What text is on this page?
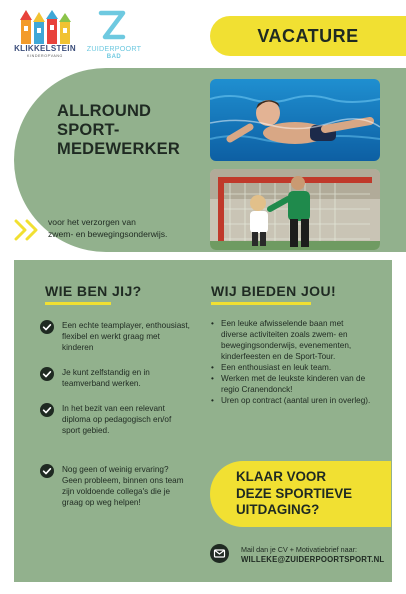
KLIKKELSTEIN
KINDEROPVANG
ZUIDERPOORT
BAD
VACATURE
ALLROUND
SPORT-
MEDEWERKER
voor het verzorgen van
zwem- en bewegingsonderwijs.
WIE BEN JIJ?	WIJ BIEDEN JOU!
Een echte teamplayer, enthousiast, flexibel en werkt graag met kinderen
Je kunt zelfstandig en in teamverband werken.
In het bezit van een relevant diploma op pedagogisch en/of sport gebied.
Nog geen of weinig ervaring? Geen probleem, binnen ons team zijn voldoende collega's die je graag op weg helpen!
• Een leuke afwisselende baan met diverse activiteiten zoals zwem- en bewegingsonderwijs, evenementen, kinderfeesten en de Sport-Tour.
• Een enthousiast en leuk team.
• Werken met de leukste kinderen van de regio Cranendonck!
• Uren op contract (aantal uren in overleg).
KLAAR VOOR
DEZE SPORTIEVE
UITDAGING?
Mail dan je CV + Motivatiebrief naar:
WILLEKE@ZUIDERPOORTSPORT.NL
